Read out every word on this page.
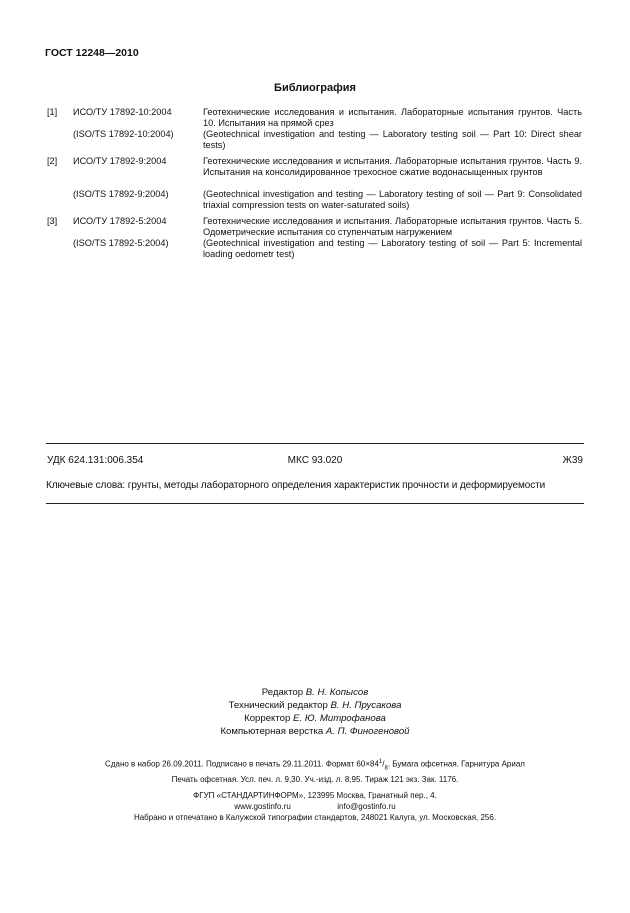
ГОСТ 12248—2010
Библиография
[1] ИСО/ТУ 17892-10:2004	Геотехнические исследования и испытания. Лабораторные испытания грунтов. Часть 10. Испытания на прямой срез
(ISO/TS 17892-10:2004)	(Geotechnical investigation and testing — Laboratory testing soil — Part 10: Direct shear tests)
[2] ИСО/ТУ 17892-9:2004	Геотехнические исследования и испытания. Лабораторные испытания грунтов. Часть 9. Испытания на консолидированное трехосное сжатие водонасыщенных грунтов
(ISO/TS 17892-9:2004)	(Geotechnical investigation and testing — Laboratory testing of soil — Part 9: Consolidated triaxial compression tests on water-saturated soils)
[3] ИСО/ТУ 17892-5:2004	Геотехнические исследования и испытания. Лабораторные испытания грунтов. Часть 5. Одометрические испытания со ступенчатым нагружением
(ISO/TS 17892-5:2004)	(Geotechnical investigation and testing — Laboratory testing of soil — Part 5: Incremental loading oedometr test)
УДК 624.131:006.354	МКС 93.020	Ж39
Ключевые слова: грунты, методы лабораторного определения характеристик прочности и деформируемости
Редактор В. Н. Копысов
Технический редактор В. Н. Прусакова
Корректор Е. Ю. Митрофанова
Компьютерная верстка А. П. Финогеновой
Сдано в набор 26.09.2011. Подписано в печать 29.11.2011. Формат $60\times 84^1/_8$. Бумага офсетная. Гарнитура Ариал
Печать офсетная. Усл. печ. л. 9,30. Уч.-изд. л. 8,95. Тираж 121 экз. Зак. 1176.
ФГУП «СТАНДАРТИНФОРМ», 123995 Москва, Гранатный пер., 4.
www.gostinfo.ru	info@gostinfo.ru
Набрано и отпечатано в Калужской типографии стандартов, 248021 Калуга, ул. Московская, 256.
